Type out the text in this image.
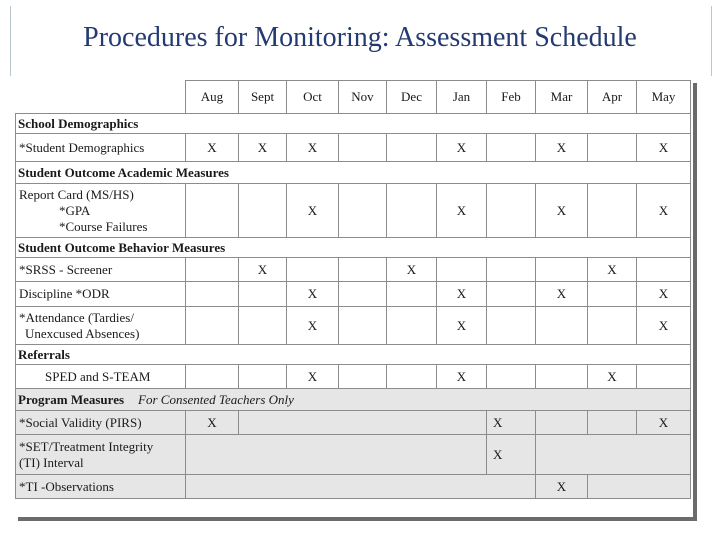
Procedures for Monitoring: Assessment Schedule
	Aug	Sept	Oct	Nov	Dec	Jan	Feb	Mar	Apr	May
School Demographics										
*Student Demographics	X	X	X			X		X		X
Student Outcome Academic Measures										

Report Card (MS/HS)
*GPA
*Course Failures			X			X		X		X
Student Outcome Behavior Measures										
*SRSS - Screener		X			X				X	
Discipline *ODR			X			X		X		X

*Attendance (Tardies/
Unexcused Absences)			X			X				X
Referrals										
SPED and S-TEAM			X			X			X	
Program Measures For Consented Teachers Only										
*Social Validity (PIRS)	X						X			X

*SET/Treatment Integrity
(TI) Interval							X			
*TI -Observations								X		
